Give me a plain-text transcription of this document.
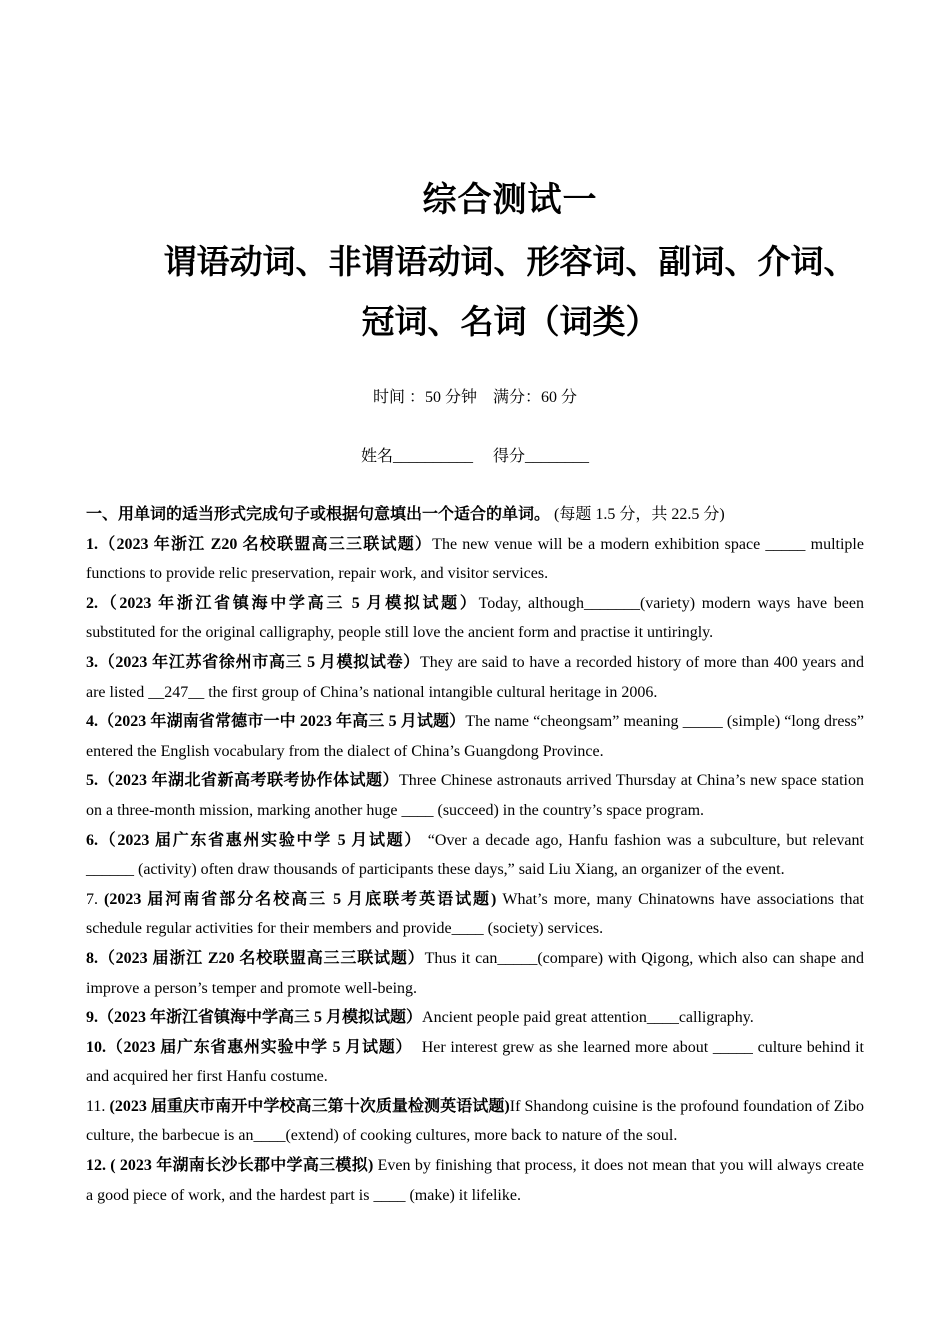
综合测试一
谓语动词、非谓语动词、形容词、副词、介词、冠词、名词（词类）
时间 ：50 分钟    满分：60 分
姓名__________     得分________

一、用单词的适当形式完成句子或根据句意填出一个适合的单词。 (每题 1.5 分，共 22.5 分)

1.（2023 年浙江 Z20 名校联盟高三三联试题）The new venue will be a modern exhibition space _____ multiple functions to provide relic preservation, repair work, and visitor services.

2.（2023 年浙江省镇海中学高三 5 月模拟试题）Today, although_______(variety) modern ways have been substituted for the original calligraphy, people still love the ancient form and practise it untiringly.

3.（2023 年江苏省徐州市高三 5 月模拟试卷）They are said to have a recorded history of more than 400 years and are listed __247__ the first group of China’s national intangible cultural heritage in 2006.

4.（2023 年湖南省常德市一中 2023 年高三 5 月试题）The name “cheongsam” meaning _____ (simple) “long dress” entered the English vocabulary from the dialect of China’s Guangdong Province.

5.（2023 年湖北省新高考联考协作体试题）Three Chinese astronauts arrived Thursday at China’s new space station on a three-month mission, marking another huge ____ (succeed) in the country’s space program.

6.（2023 届广东省惠州实验中学 5 月试题） “Over a decade ago, Hanfu fashion was a subculture, but relevant ______ (activity) often draw thousands of participants these days,” said Liu Xiang, an organizer of the event.

7. (2023 届河南省部分名校高三 5 月底联考英语试题) What’s more, many Chinatowns have associations that schedule regular activities for their members and provide____ (society) services.

8.（2023 届浙江 Z20 名校联盟高三三联试题）Thus it can_____(compare) with Qigong, which also can shape and improve a person’s temper and promote well-being.

9.（2023 年浙江省镇海中学高三 5 月模拟试题）Ancient people paid great attention____calligraphy.

10.（2023 届广东省惠州实验中学 5 月试题）  Her interest grew as she learned more about _____ culture behind it and acquired her first Hanfu costume.

11. (2023 届重庆市南开中学校高三第十次质量检测英语试题)If Shandong cuisine is the profound foundation of Zibo culture, the barbecue is an____(extend) of cooking cultures, more back to nature of the soul.

12. ( 2023 年湖南长沙长郡中学高三模拟) Even by finishing that process, it does not mean that you will always create a good piece of work, and the hardest part is ____ (make) it lifelike.
